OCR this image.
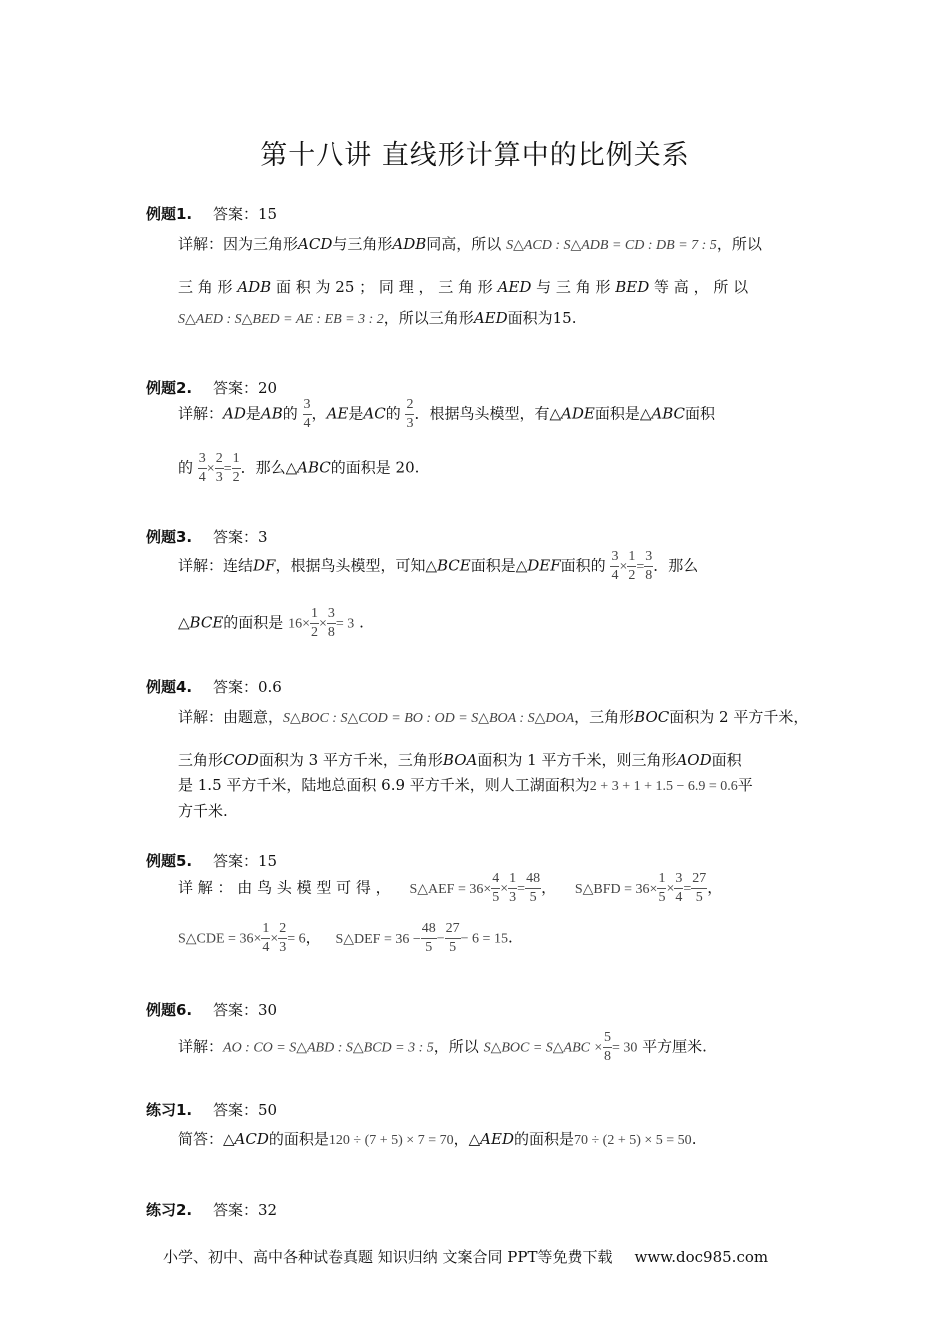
第十八讲 直线形计算中的比例关系
例题1. 答案：15
详解：因为三角形ACD与三角形ADB同高，所以 S△ACD : S△ADB = CD : DB = 7 : 5，所以
三 角 形 ADB 面 积 为 25 ； 同 理 ， 三 角 形 AED 与 三 角 形 BED 等 高 ， 所 以
S△AED : S△BED = AE : EB = 3 : 2，所以三角形AED面积为15.
例题2. 答案：20
详解：AD是AB的 $\frac{3}{4}$ ，AE是AC的 $\frac{2}{3}$ ．根据鸟头模型，有△ADE面积是△ABC面积
的 $\frac{3}{4} \times \frac{2}{3} = \frac{1}{2}$ ．那么△ABC的面积是 20.
例题3. 答案：3
详解：连结DF，根据鸟头模型，可知△BCE面积是△DEF面积的 $\frac{3}{4} \times \frac{1}{2} = \frac{3}{8}$ ．那么
△BCE的面积是 $16\times \frac{1}{2} \times \frac{3}{8} = 3$ .
例题4. 答案：0.6
详解：由题意，S△BOC : S△COD = BO : OD = S△BOA : S△DOA，三角形BOC面积为 2 平方千米，
三角形COD面积为 3 平方千米，三角形BOA面积为 1 平方千米，则三角形AOD面积
是 1.5 平方千米，陆地总面积 6.9 平方千米，则人工湖面积为2 + 3 + 1 + 1.5 − 6.9 = 0.6平
方千米.
例题5. 答案：15
详 解 ： 由 鸟 头 模 型 可 得 ， S△AEF = $36\times \frac{4}{5} \times \frac{1}{3} = \frac{48}{5}$ ， S△BFD = $36\times \frac{1}{5} \times \frac{3}{4} = \frac{27}{5}$ ，
S△CDE = $36\times \frac{1}{4} \times \frac{2}{3} = 6$， S△DEF = $36 - \frac{48}{5} - \frac{27}{5} - 6 = 15$.
例题6. 答案：30
详解：AO : CO = S△ABD : S△BCD = 3 : 5，所以 S△BOC = S△ABC × $\frac{5}{8} = 30$ 平方厘米.
练习1. 答案：50
简答：△ACD的面积是120 ÷ (7 + 5) × 7 = 70，△AED的面积是70 ÷ (2 + 5) × 5 = 50.
练习2. 答案：32
小学、初中、高中各种试卷真题 知识归纳 文案合同 PPT等免费下载 www.doc985.com
